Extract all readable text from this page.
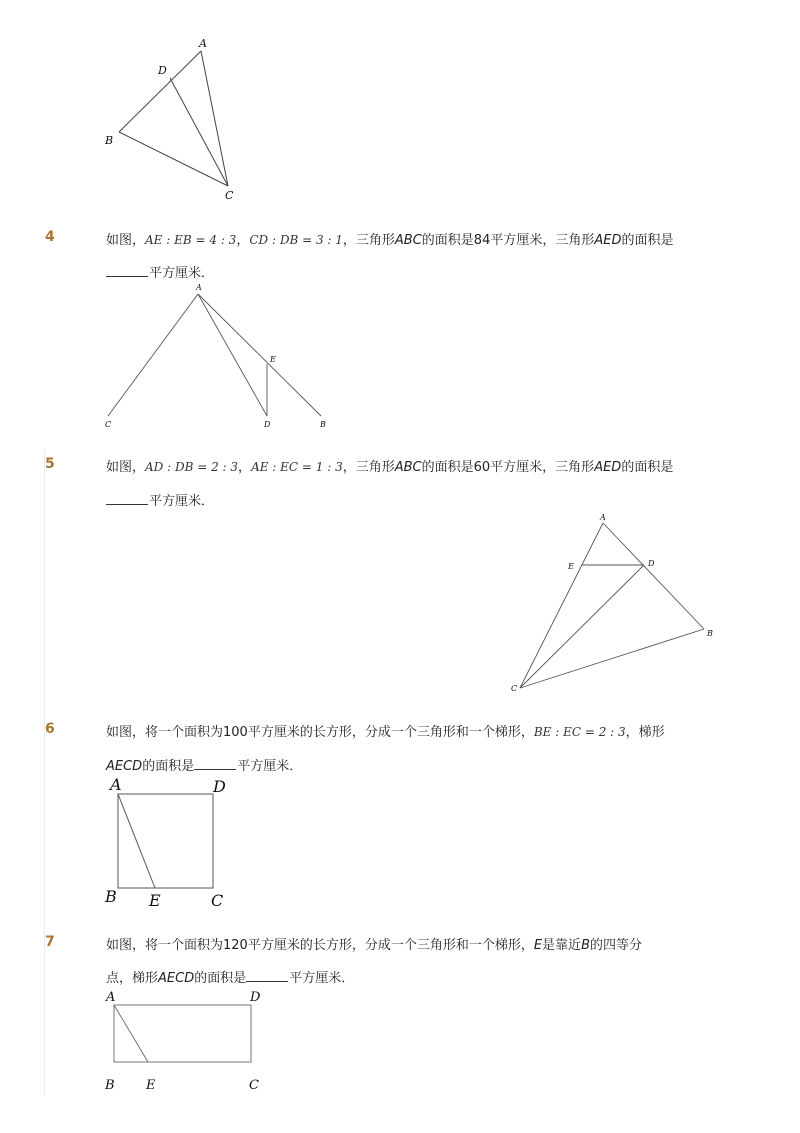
A
D
B
C
4	如图，AE : EB = 4 : 3，CD : DB = 3 : 1，三角形ABC的面积是84平方厘米，三角形AED的面积是
平方厘米．
A
E
C	D	B
5	如图，AD : DB = 2 : 3，AE : EC = 1 : 3，三角形ABC的面积是60平方厘米，三角形AED的面积是
平方厘米．
A
E	D
B
C
6	如图，将一个面积为100平方厘米的长方形，分成一个三角形和一个梯形，BE : EC = 2 : 3，梯形
AECD的面积是	平方厘米．
A	D
B E	C
7	如图，将一个面积为120平方厘米的长方形，分成一个三角形和一个梯形，E是靠近B的四等分
点，梯形AECD的面积是	平方厘米．
A	D
B E	C
